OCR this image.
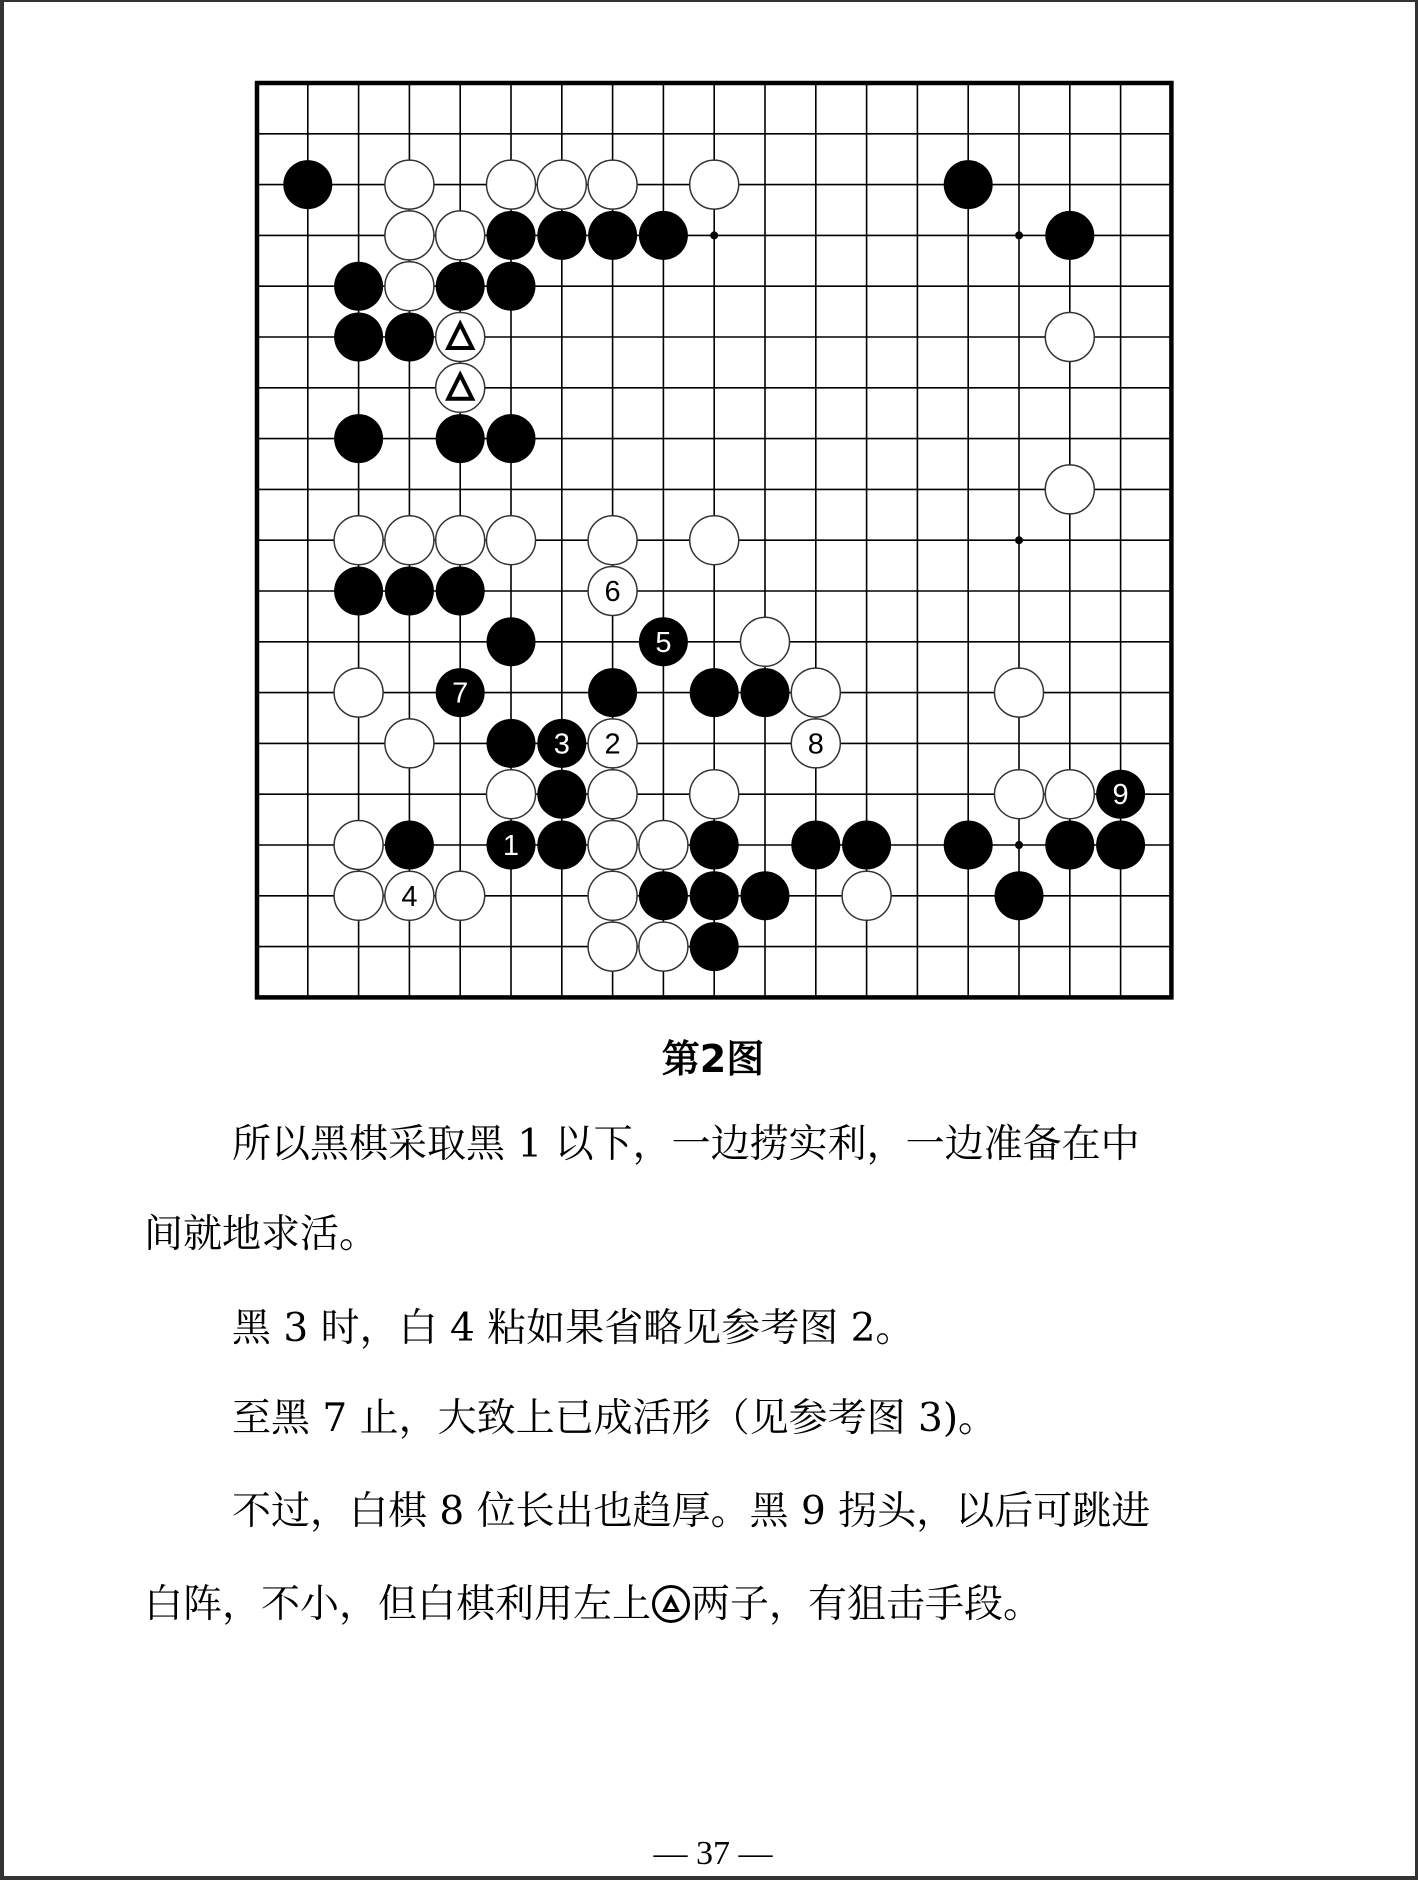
6
5
7
3 2	8
9
1
4
第2图
所以黑棋采取黑 1 以下，一边捞实利，一边准备在中
间就地求活。
黑 3 时，白 4 粘如果省略见参考图 2。
至黑 7 止，大致上已成活形（见参考图 3)。
不过，白棋 8 位长出也趋厚。黑 9 拐头，以后可跳进
白阵，不小，但白棋利用左上 两子，有狙击手段。
— 37 —
